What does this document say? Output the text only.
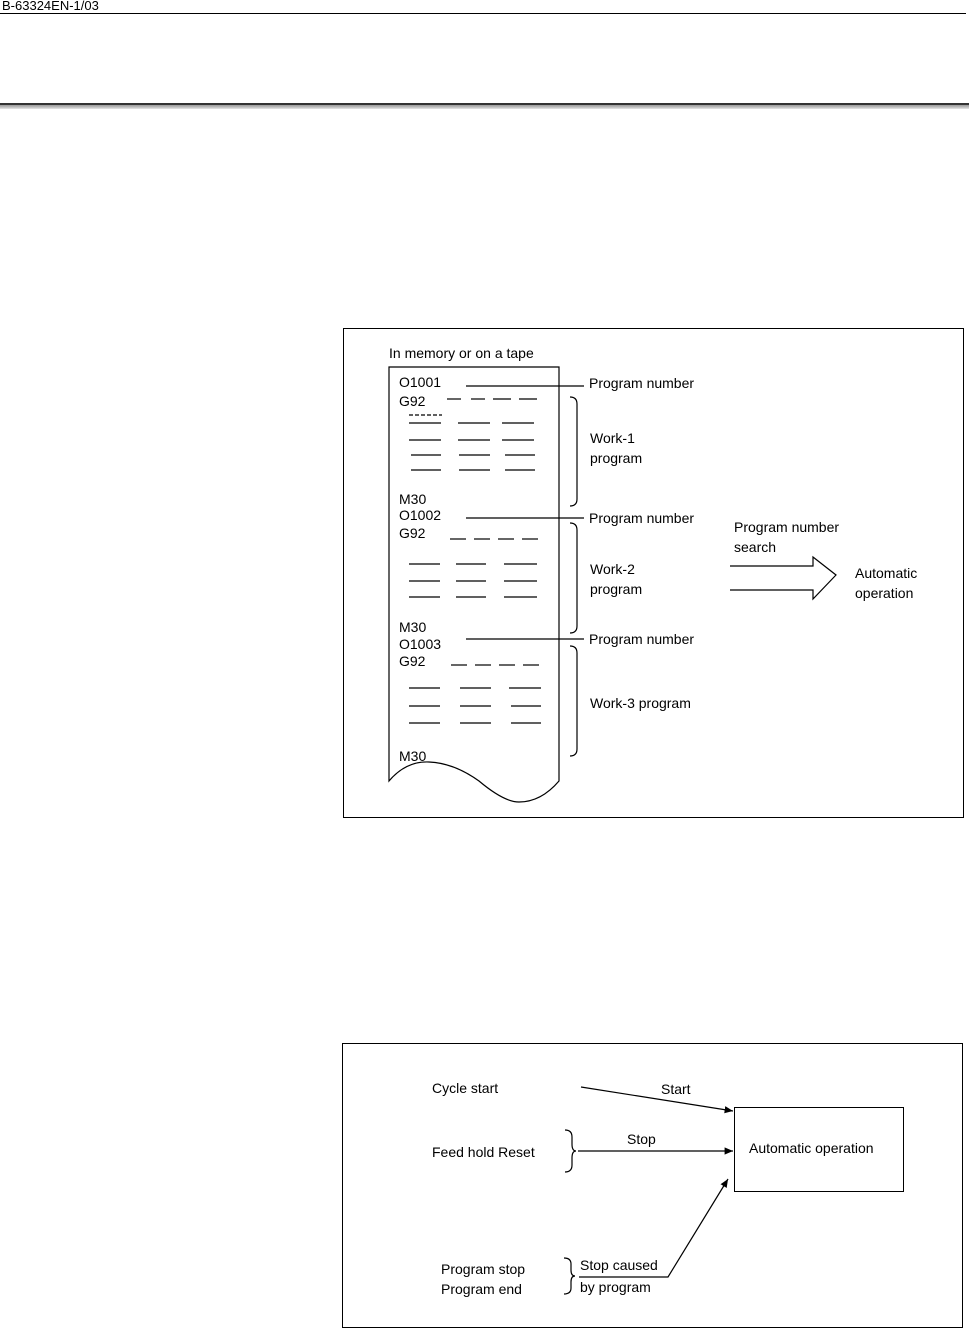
B-63324EN-1/03
In memory or on a tape
O1001
G92
M30
O1002
G92
M30
O1003
G92
M30
Program number
Program number
Program number
Work-1
program
Work-2
program
Work-3 program
Program number
search
Automatic
operation
Cycle start
Feed hold Reset
Program stop
Program end
Start
Stop
Stop caused
by program
Automatic operation
